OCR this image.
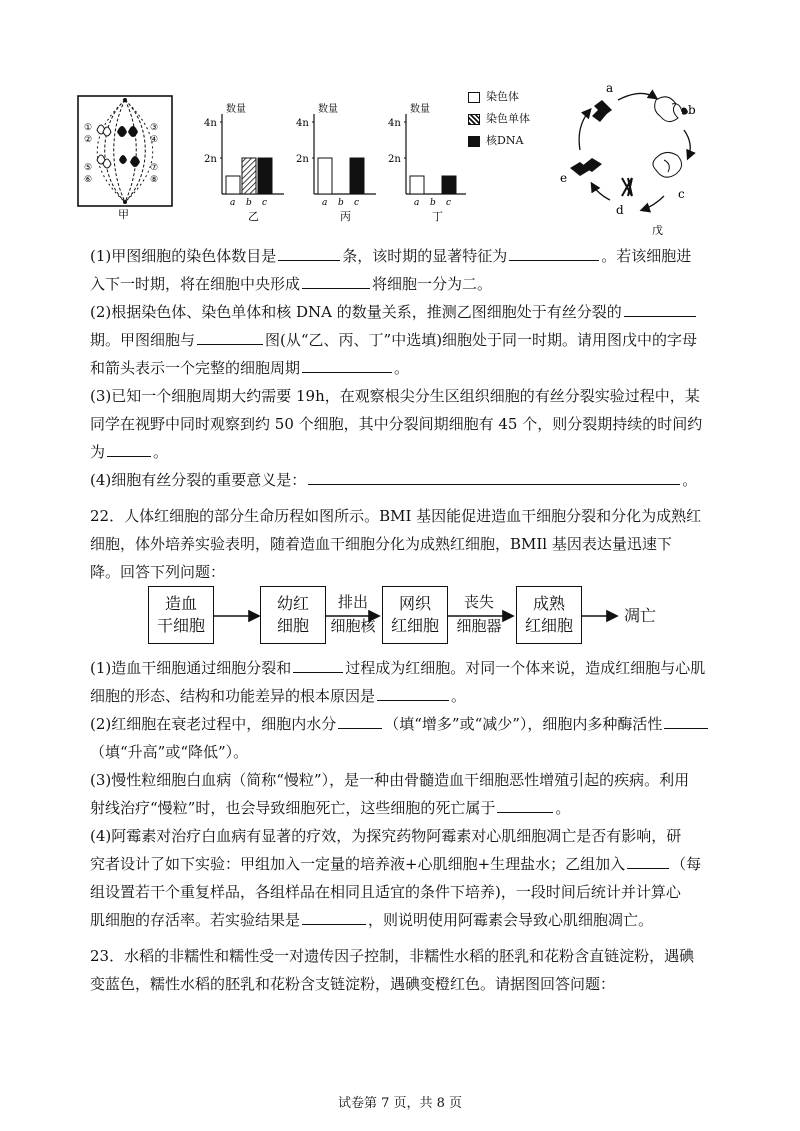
①
②
③
④
⑤
⑥
⑦
⑧
甲
数量
4n
2n
a b c
乙
数量
4n
2n
a b c
丙
数量
4n
2n
a b c
丁
染色体
染色单体
核DNA
a
b
c
d
e
戊
(1)甲图细胞的染色体数目是	条，该时期的显著特征为	。若该细胞进
入下一时期，将在细胞中央形成	将细胞一分为二。
(2)根据染色体、染色单体和核 DNA 的数量关系，推测乙图细胞处于有丝分裂的
期。甲图细胞与	图(从“乙、丙、丁”中选填)细胞处于同一时期。请用图戊中的字母
和箭头表示一个完整的细胞周期	。
(3)已知一个细胞周期大约需要 19h，在观察根尖分生区组织细胞的有丝分裂实验过程中，某
同学在视野中同时观察到约 50 个细胞，其中分裂间期细胞有 45 个，则分裂期持续的时间约
为	。
(4)细胞有丝分裂的重要意义是：	。
22．人体红细胞的部分生命历程如图所示。BMI 基因能促进造血干细胞分裂和分化为成熟红
细胞，体外培养实验表明，随着造血干细胞分化为成熟红细胞，BMIl 基因表达量迅速下
降。回答下列问题：
造血
干细胞
幼红
细胞
排出
细胞核
网织
红细胞
丧失
细胞器
成熟
红细胞
凋亡
(1)造血干细胞通过细胞分裂和	过程成为红细胞。对同一个体来说，造成红细胞与心肌
细胞的形态、结构和功能差异的根本原因是	。
(2)红细胞在衰老过程中，细胞内水分	（填“增多”或“减少”），细胞内多种酶活性
（填“升高”或“降低”）。
(3)慢性粒细胞白血病（简称“慢粒”），是一种由骨髓造血干细胞恶性增殖引起的疾病。利用
射线治疗“慢粒”时，也会导致细胞死亡，这些细胞的死亡属于	。
(4)阿霉素对治疗白血病有显著的疗效，为探究药物阿霉素对心肌细胞凋亡是否有影响，研
究者设计了如下实验：甲组加入一定量的培养液+心肌细胞+生理盐水；乙组加入	（每
组设置若干个重复样品，各组样品在相同且适宜的条件下培养)，一段时间后统计并计算心
肌细胞的存活率。若实验结果是	，则说明使用阿霉素会导致心肌细胞凋亡。
23．水稻的非糯性和糯性受一对遗传因子控制，非糯性水稻的胚乳和花粉含直链淀粉，遇碘
变蓝色，糯性水稻的胚乳和花粉含支链淀粉，遇碘变橙红色。请据图回答问题：
试卷第 7 页，共 8 页
